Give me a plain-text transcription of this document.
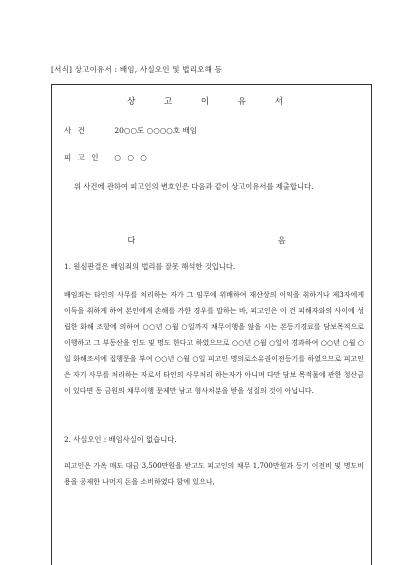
[서식] 상고이유서 : 배임, 사실오인 및 법리오해 등
상 고 이 유 서
사 건	20○○도 ○○○○호 배임
피 고 인 ○ ○ ○
위 사건에 관하여 피고인의 변호인은 다음과 같이 상고이유서를 제출합니다.
다 음
1. 원심판결은 배임죄의 법리를 잘못 해석한 것입니다.
배임죄는 타인의 사무를 처리하는 자가 그 임무에 위배하여 재산상의 이익을 취하거나 제3자에게 이득을 취하게 하여 본인에게 손해를 가한 경우를 말하는 바, 피고인은 이 건 피해자와의 사이에 성립한 화해 조항에 의하여 ○○년 ○월 ○일까지 채무이행을 않을 시는 본등기경료를 담보목적으로 이행하고 그 부동산을 인도 및 명도 한다고 하였으므로 ○○년 ○월 ○일이 경과하여 ○○년 ○월 ○일 화해조서에 집행문을 부여 ○○년 ○월 ○일 피고인 명의로소유권이전등기를 하였으므로 피고인은 자기 사무를 처리하는 자로서 타인의 사무처리 하는자가 아니며 다만 담보 목적물에 관한 청산금이 있다면 동 금원의 채무이행 문제만 남고 형사처분을 받을 성질의 것이 아닙니다.
2. 사실오인 : 배임사실이 없습니다.
피고인은 가옥 매도 대금 3,500만원을 받고도 피고인의 채무 1,700만원과 등기 이전비 및 명도비용을 공제한 나머지 돈을 소비하였다 함에 있으나,
